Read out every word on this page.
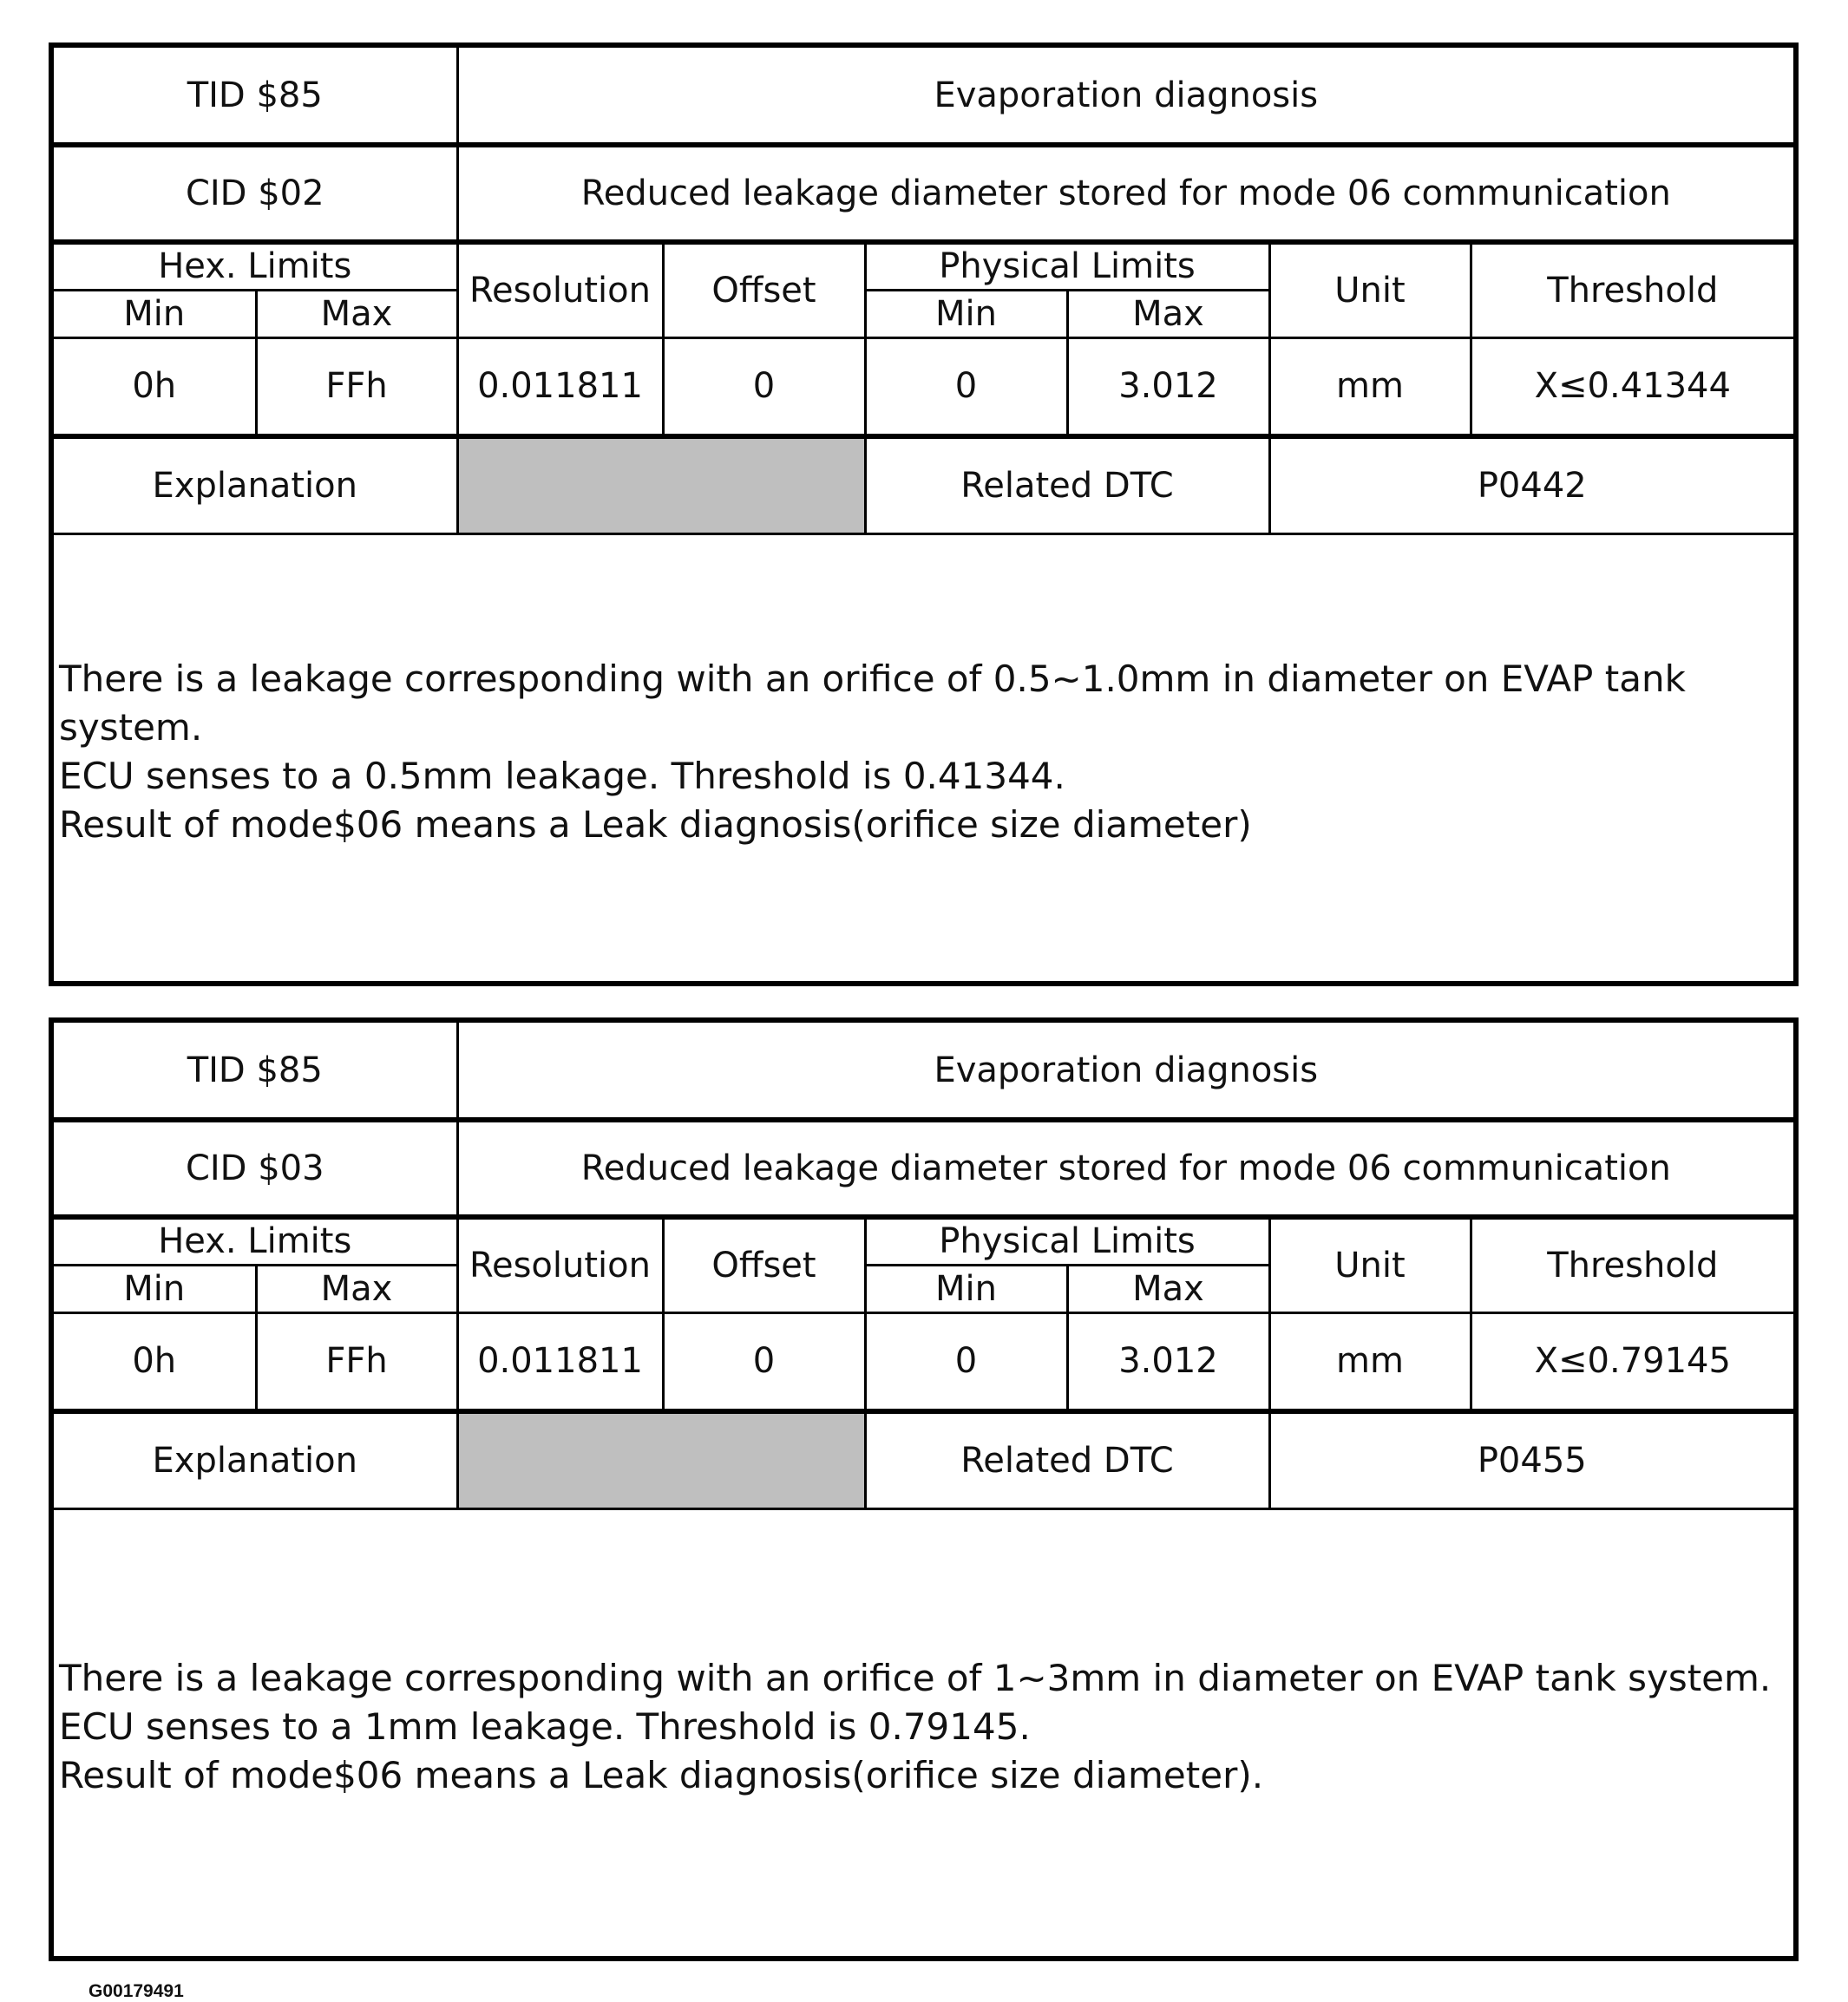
TID $85		Evaporation diagnosis					
CID $02		Reduced leakage diameter stored for mode 06 communication					
Hex. Limits		Resolution	Offset	Physical Limits		Unit	Threshold
Min	Max			Min	Max		
0h	FFh	0.011811	0	0	3.012	mm	X≤0.41344
Explanation				Related DTC		P0442	

There is a leakage corresponding with an orifice of 0.5~1.0mm in diameter on EVAP tank system.
ECU senses to a 0.5mm leakage. Threshold is 0.41344.
Result of mode$06 means a Leak diagnosis(orifice size diameter)							
TID $85		Evaporation diagnosis					
CID $03		Reduced leakage diameter stored for mode 06 communication					
Hex. Limits		Resolution	Offset	Physical Limits		Unit	Threshold
Min	Max			Min	Max		
0h	FFh	0.011811	0	0	3.012	mm	X≤0.79145
Explanation				Related DTC		P0455	

There is a leakage corresponding with an orifice of 1~3mm in diameter on EVAP tank system.
ECU senses to a 1mm leakage. Threshold is 0.79145.
Result of mode$06 means a Leak diagnosis(orifice size diameter).							
G00179491
